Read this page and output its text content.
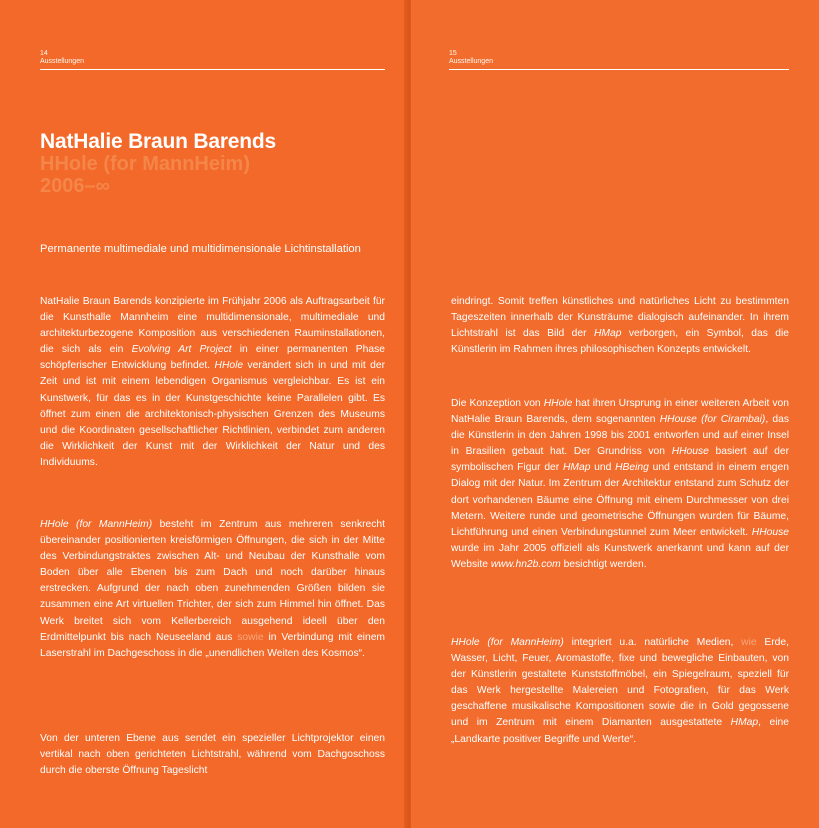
14
Ausstellungen

NatHalie Braun Barends

HHole (for MannHeim)

2006–∞

Permanente multimediale und multidimensionale Lichtinstallation

NatHalie Braun Barends konzipierte im Frühjahr 2006 als Auftragsarbeit für die Kunsthalle Mannheim eine multidimensionale, multimediale und architekturbezogene Komposition aus verschiedenen Rauminstallationen, die sich als ein Evolving Art Project in einer permanenten Phase schöpferischer Entwicklung befindet. HHole verändert sich in und mit der Zeit und ist mit einem lebendigen Organismus vergleichbar. Es ist ein Kunstwerk, für das es in der Kunstgeschichte keine Parallelen gibt. Es öffnet zum einen die architektonisch-physischen Grenzen des Museums und die Koordinaten gesellschaftlicher Richtlinien, verbindet zum anderen die Wirklichkeit der Kunst mit der Wirklichkeit der Natur und des Individuums.

HHole (for MannHeim) besteht im Zentrum aus mehreren senkrecht übereinander positionierten kreisförmigen Öffnungen, die sich in der Mitte des Verbindungstraktes zwischen Alt- und Neubau der Kunsthalle vom Boden über alle Ebenen bis zum Dach und noch darüber hinaus erstrecken. Aufgrund der nach oben zunehmenden Größen bilden sie zusammen eine Art virtuellen Trichter, der sich zum Himmel hin öffnet. Das Werk breitet sich vom Kellerbereich ausgehend ideell über den Erdmittelpunkt bis nach Neuseeland aus sowie in Verbindung mit einem Laserstrahl im Dachgeschoss in die „unendlichen Weiten des Kosmos“.

Von der unteren Ebene aus sendet ein spezieller Lichtprojektor einen vertikal nach oben gerichteten Lichtstrahl, während vom Dachgoschoss durch die oberste Öffnung Tageslicht

15
Ausstellungen

eindringt. Somit treffen künstliches und natürliches Licht zu bestimmten Tageszeiten innerhalb der Kunsträume dialogisch aufeinander. In ihrem Lichtstrahl ist das Bild der HMap verborgen, ein Symbol, das die Künstlerin im Rahmen ihres philosophischen Konzepts entwickelt.

Die Konzeption von HHole hat ihren Ursprung in einer weiteren Arbeit von NatHalie Braun Barends, dem sogenannten HHouse (for Cirambai), das die Künstlerin in den Jahren 1998 bis 2001 entworfen und auf einer Insel in Brasilien gebaut hat. Der Grundriss von HHouse basiert auf der symbolischen Figur der HMap und HBeing und entstand in einem engen Dialog mit der Natur. Im Zentrum der Architektur entstand zum Schutz der dort vorhandenen Bäume eine Öffnung mit einem Durchmesser von drei Metern. Weitere runde und geometrische Öffnungen wurden für Bäume, Lichtführung und einen Verbindungstunnel zum Meer entwickelt. HHouse wurde im Jahr 2005 offiziell als Kunstwerk anerkannt und kann auf der Website www.hn2b.com besichtigt werden.

HHole (for MannHeim) integriert u.a. natürliche Medien, wie Erde, Wasser, Licht, Feuer, Aromastoffe, fixe und bewegliche Einbauten, von der Künstlerin gestaltete Kunststoffmöbel, ein Spiegelraum, speziell für das Werk hergestellte Malereien und Fotografien, für das Werk geschaffene musikalische Kompositionen sowie die in Gold gegossene und im Zentrum mit einem Diamanten ausgestattete HMap, eine „Landkarte positiver Begriffe und Werte“.
